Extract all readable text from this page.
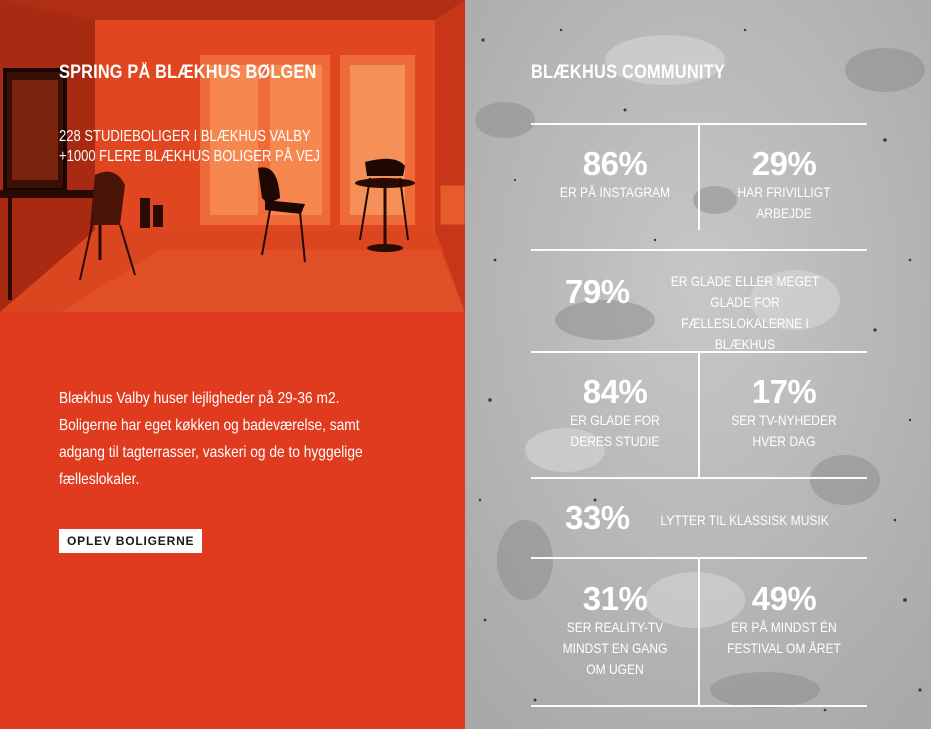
SPRING PÅ BLÆKHUS BØLGEN
228 STUDIEBOLIGER I BLÆKHUS VALBY
+1000 FLERE BLÆKHUS BOLIGER PÅ VEJ

Blækhus Valby huser lejligheder på 29-36 m2. Boligerne har eget køkken og badeværelse, samt adgang til tagterrasser, vaskeri og de to hyggelige fælleslokaler.

OPLEV BOLIGERNE
BLÆKHUS COMMUNITY
86%
ER PÅ INSTAGRAM
29%
HAR FRIVILLIGT ARBEJDE
79%	ER GLADE ELLER MEGET GLADE FOR FÆLLESLOKALERNE I BLÆKHUS
84%
ER GLADE FOR DERES STUDIE
17%
SER TV-NYHEDER HVER DAG
33% LYTTER TIL KLASSISK MUSIK
31%
SER REALITY-TV MINDST EN GANG OM UGEN
49%
ER PÅ MINDST ÉN FESTIVAL OM ÅRET
